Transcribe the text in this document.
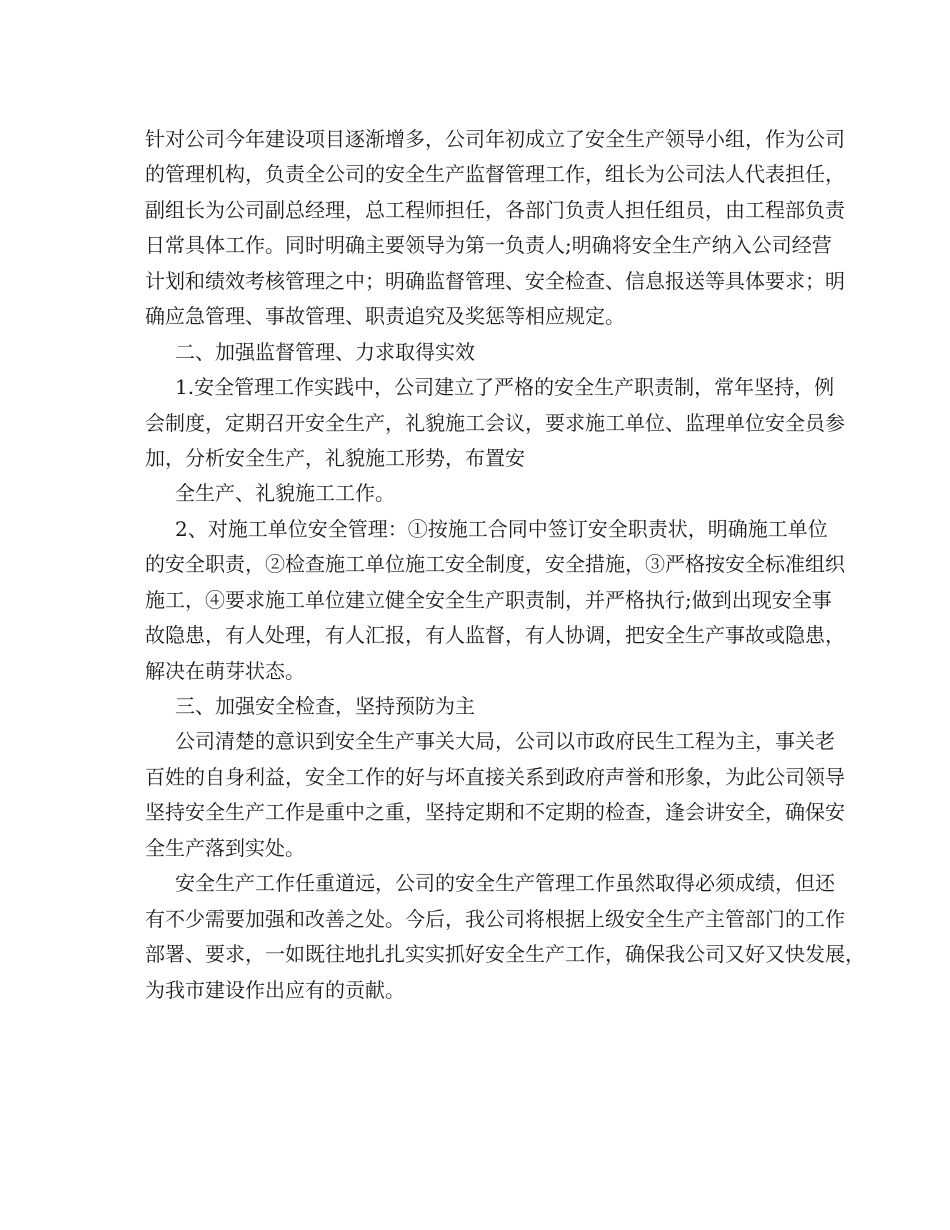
针对公司今年建设项目逐渐增多，公司年初成立了安全生产领导小组，作为公司
的管理机构，负责全公司的安全生产监督管理工作，组长为公司法人代表担任，
副组长为公司副总经理，总工程师担任，各部门负责人担任组员，由工程部负责
日常具体工作。同时明确主要领导为第一负责人;明确将安全生产纳入公司经营
计划和绩效考核管理之中；明确监督管理、安全检查、信息报送等具体要求；明
确应急管理、事故管理、职责追究及奖惩等相应规定。
二、加强监督管理、力求取得实效
1.安全管理工作实践中，公司建立了严格的安全生产职责制，常年坚持，例
会制度，定期召开安全生产，礼貌施工会议，要求施工单位、监理单位安全员参
加，分析安全生产，礼貌施工形势，布置安
全生产、礼貌施工工作。
2、对施工单位安全管理：①按施工合同中签订安全职责状，明确施工单位
的安全职责，②检查施工单位施工安全制度，安全措施，③严格按安全标准组织
施工，④要求施工单位建立健全安全生产职责制，并严格执行;做到出现安全事
故隐患，有人处理，有人汇报，有人监督，有人协调，把安全生产事故或隐患，
解决在萌芽状态。
三、加强安全检查，坚持预防为主
公司清楚的意识到安全生产事关大局，公司以市政府民生工程为主，事关老
百姓的自身利益，安全工作的好与坏直接关系到政府声誉和形象，为此公司领导
坚持安全生产工作是重中之重，坚持定期和不定期的检查，逢会讲安全，确保安
全生产落到实处。
安全生产工作任重道远，公司的安全生产管理工作虽然取得必须成绩，但还
有不少需要加强和改善之处。今后，我公司将根据上级安全生产主管部门的工作
部署、要求，一如既往地扎扎实实抓好安全生产工作，确保我公司又好又快发展，
为我市建设作出应有的贡献。
